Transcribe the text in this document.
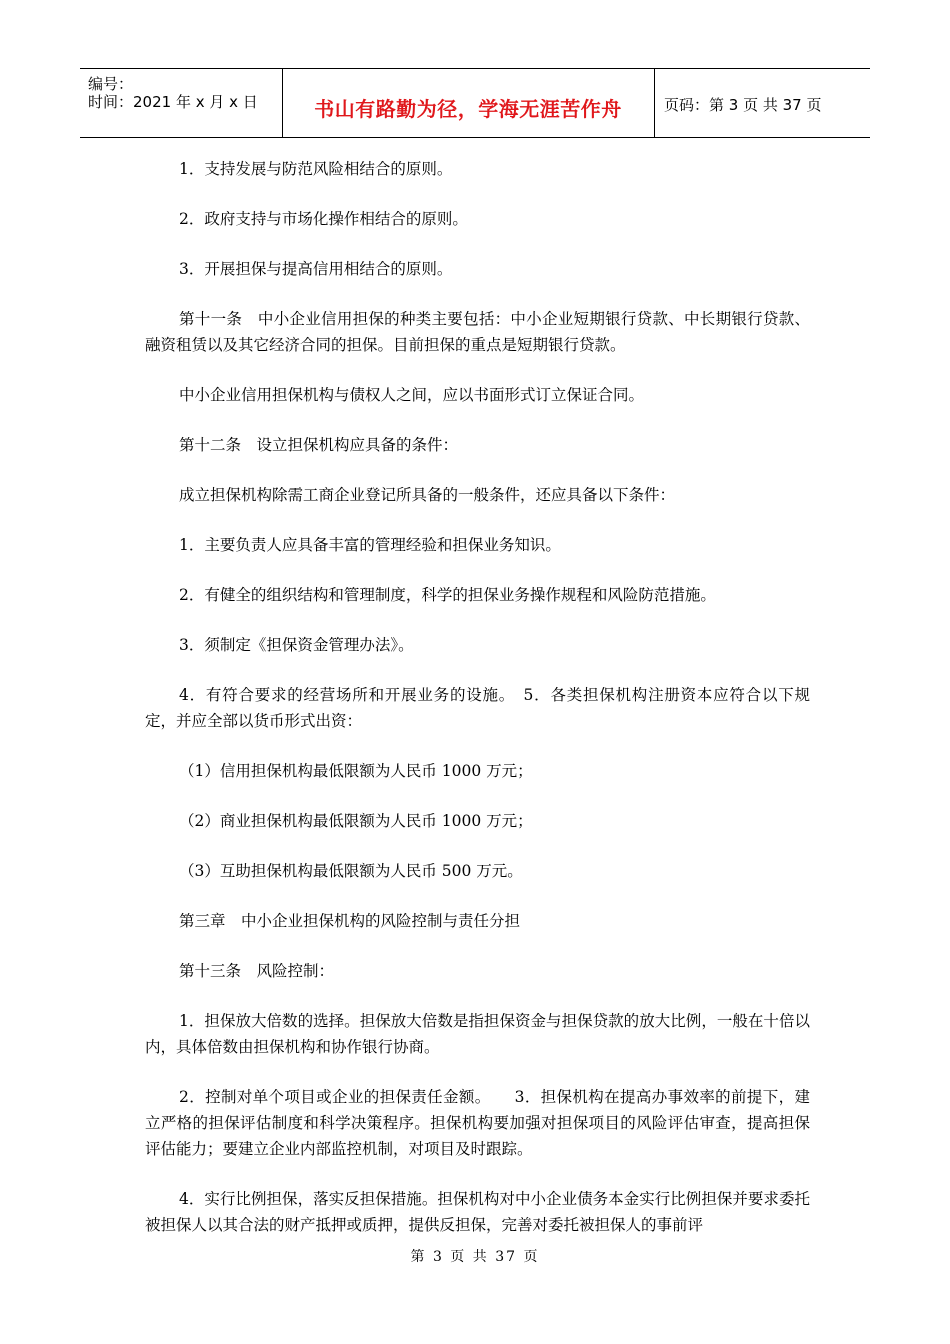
编号：
时间：2021 年 x 月 x 日	书山有路勤为径，学海无涯苦作舟	页码：第 3 页 共 37 页

1．支持发展与防范风险相结合的原则。

2．政府支持与市场化操作相结合的原则。

3．开展担保与提高信用相结合的原则。

第十一条　中小企业信用担保的种类主要包括：中小企业短期银行贷款、中长期银行贷款、融资租赁以及其它经济合同的担保。目前担保的重点是短期银行贷款。

中小企业信用担保机构与债权人之间，应以书面形式订立保证合同。

第十二条　设立担保机构应具备的条件：

成立担保机构除需工商企业登记所具备的一般条件，还应具备以下条件：

1．主要负责人应具备丰富的管理经验和担保业务知识。

2．有健全的组织结构和管理制度，科学的担保业务操作规程和风险防范措施。

3．须制定《担保资金管理办法》。

4．有符合要求的经营场所和开展业务的设施。　5．各类担保机构注册资本应符合以下规定，并应全部以货币形式出资：

（1）信用担保机构最低限额为人民币 1000 万元；

（2）商业担保机构最低限额为人民币 1000 万元；

（3）互助担保机构最低限额为人民币 500 万元。

第三章　中小企业担保机构的风险控制与责任分担

第十三条　风险控制：

1．担保放大倍数的选择。担保放大倍数是指担保资金与担保贷款的放大比例，一般在十倍以内，具体倍数由担保机构和协作银行协商。

2．控制对单个项目或企业的担保责任金额。　　3．担保机构在提高办事效率的前提下，建立严格的担保评估制度和科学决策程序。担保机构要加强对担保项目的风险评估审查，提高担保评估能力；要建立企业内部监控机制，对项目及时跟踪。

4．实行比例担保，落实反担保措施。担保机构对中小企业债务本金实行比例担保并要求委托被担保人以其合法的财产抵押或质押，提供反担保，完善对委托被担保人的事前评

第 3 页 共 37 页
